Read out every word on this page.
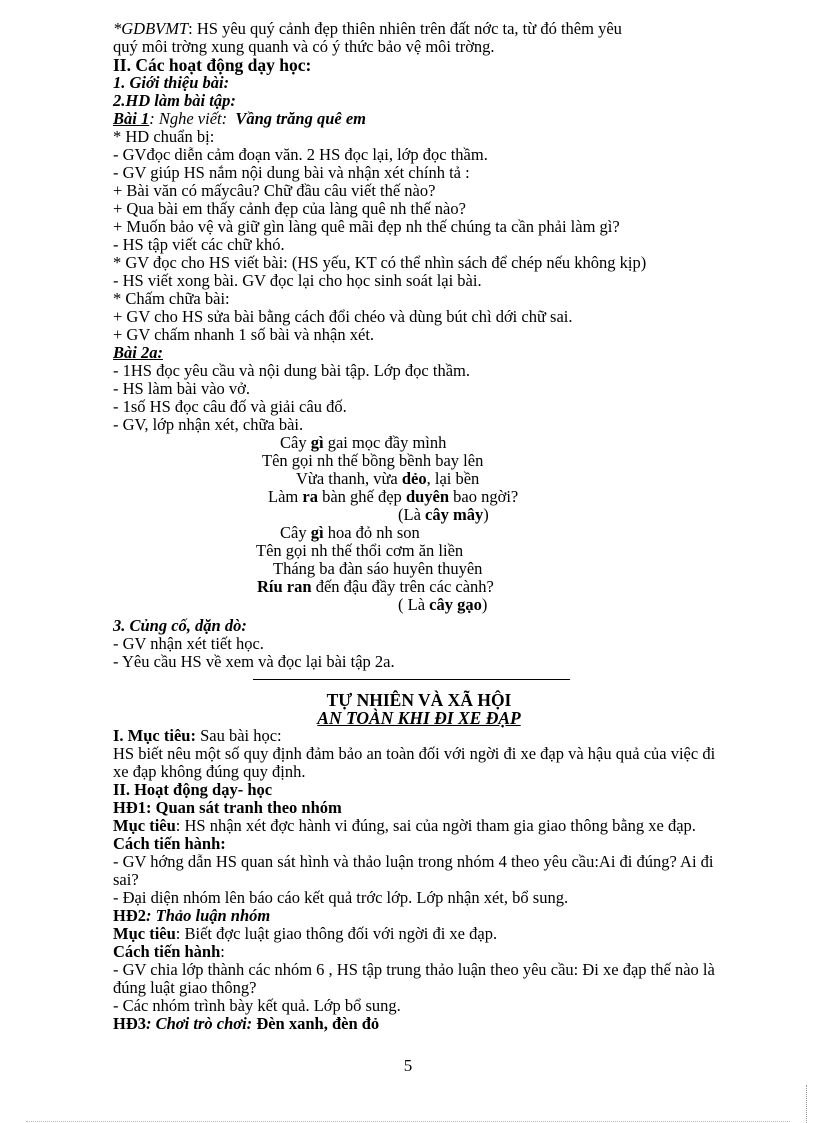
*GDBVMT: HS yêu quý cảnh đẹp thiên nhiên trên đất nớc ta, từ đó thêm yêu
quý môi trờng xung quanh và có ý thức bảo vệ môi trờng.
II. Các hoạt động dạy học:
1. Giới thiệu bài:
2.HD làm bài tập:
Bài 1: Nghe viết: Vầng trăng quê em
* HD chuẩn bị:
- GVđọc diễn cảm đoạn văn. 2 HS đọc lại, lớp đọc thầm.
- GV giúp HS nắm nội dung bài và nhận xét chính tả :
+ Bài văn có mấycâu? Chữ đầu câu viết thế nào?
+ Qua bài em thấy cảnh đẹp của làng quê nh thế nào?
+ Muốn bảo vệ và giữ gìn làng quê mãi đẹp nh thế chúng ta cần phải làm gì?
- HS tập viết các chữ khó.
* GV đọc cho HS viết bài: (HS yếu, KT có thể nhìn sách để chép nếu không kịp)
- HS viết xong bài. GV đọc lại cho học sinh soát lại bài.
* Chấm chữa bài:
+ GV cho HS sửa bài bằng cách đổi chéo và dùng bút chì dới chữ sai.
+ GV chấm nhanh 1 số bài và nhận xét.
Bài 2a:
- 1HS đọc yêu cầu và nội dung bài tập. Lớp đọc thầm.
- HS làm bài vào vở.
- 1số HS đọc câu đố và giải câu đố.
- GV, lớp nhận xét, chữa bài.
Cây gì gai mọc đầy mình
Tên gọi nh thế bồng bềnh bay lên
Vừa thanh, vừa dẻo, lại bền
Làm ra bàn ghế đẹp duyên bao ngời?
(Là cây mây)
Cây gì hoa đỏ nh son
Tên gọi nh thế thổi cơm ăn liền
Tháng ba đàn sáo huyên thuyên
Ríu ran đến đậu đầy trên các cành?
( Là cây gạo)
3. Củng cố, dặn dò:
- GV nhận xét tiết học.
- Yêu cầu HS về xem và đọc lại bài tập 2a.
TỰ NHIÊN VÀ XÃ HỘI
AN TOÀN KHI ĐI XE ĐẠP
I. Mục tiêu: Sau bài học:
HS biết nêu một số quy định đảm bảo an toàn đối với ngời đi xe đạp và hậu quả của việc đi xe đạp không đúng quy định.
II. Hoạt động dạy- học
HĐ1: Quan sát tranh theo nhóm
Mục tiêu: HS nhận xét đợc hành vi đúng, sai của ngời tham gia giao thông bằng xe đạp.
Cách tiến hành:
- GV hớng dẫn HS quan sát hình và thảo luận trong nhóm 4 theo yêu cầu:Ai đi đúng? Ai đi sai?
- Đại diện nhóm lên báo cáo kết quả trớc lớp. Lớp nhận xét, bổ sung.
HĐ2: Thảo luận nhóm
Mục tiêu: Biết đợc luật giao thông đối với ngời đi xe đạp.
Cách tiến hành:
- GV chia lớp thành các nhóm 6 , HS tập trung thảo luận theo yêu cầu: Đi xe đạp thế nào là đúng luật giao thông?
- Các nhóm trình bày kết quả. Lớp bổ sung.
HĐ3: Chơi trò chơi: Đèn xanh, đèn đỏ
5
